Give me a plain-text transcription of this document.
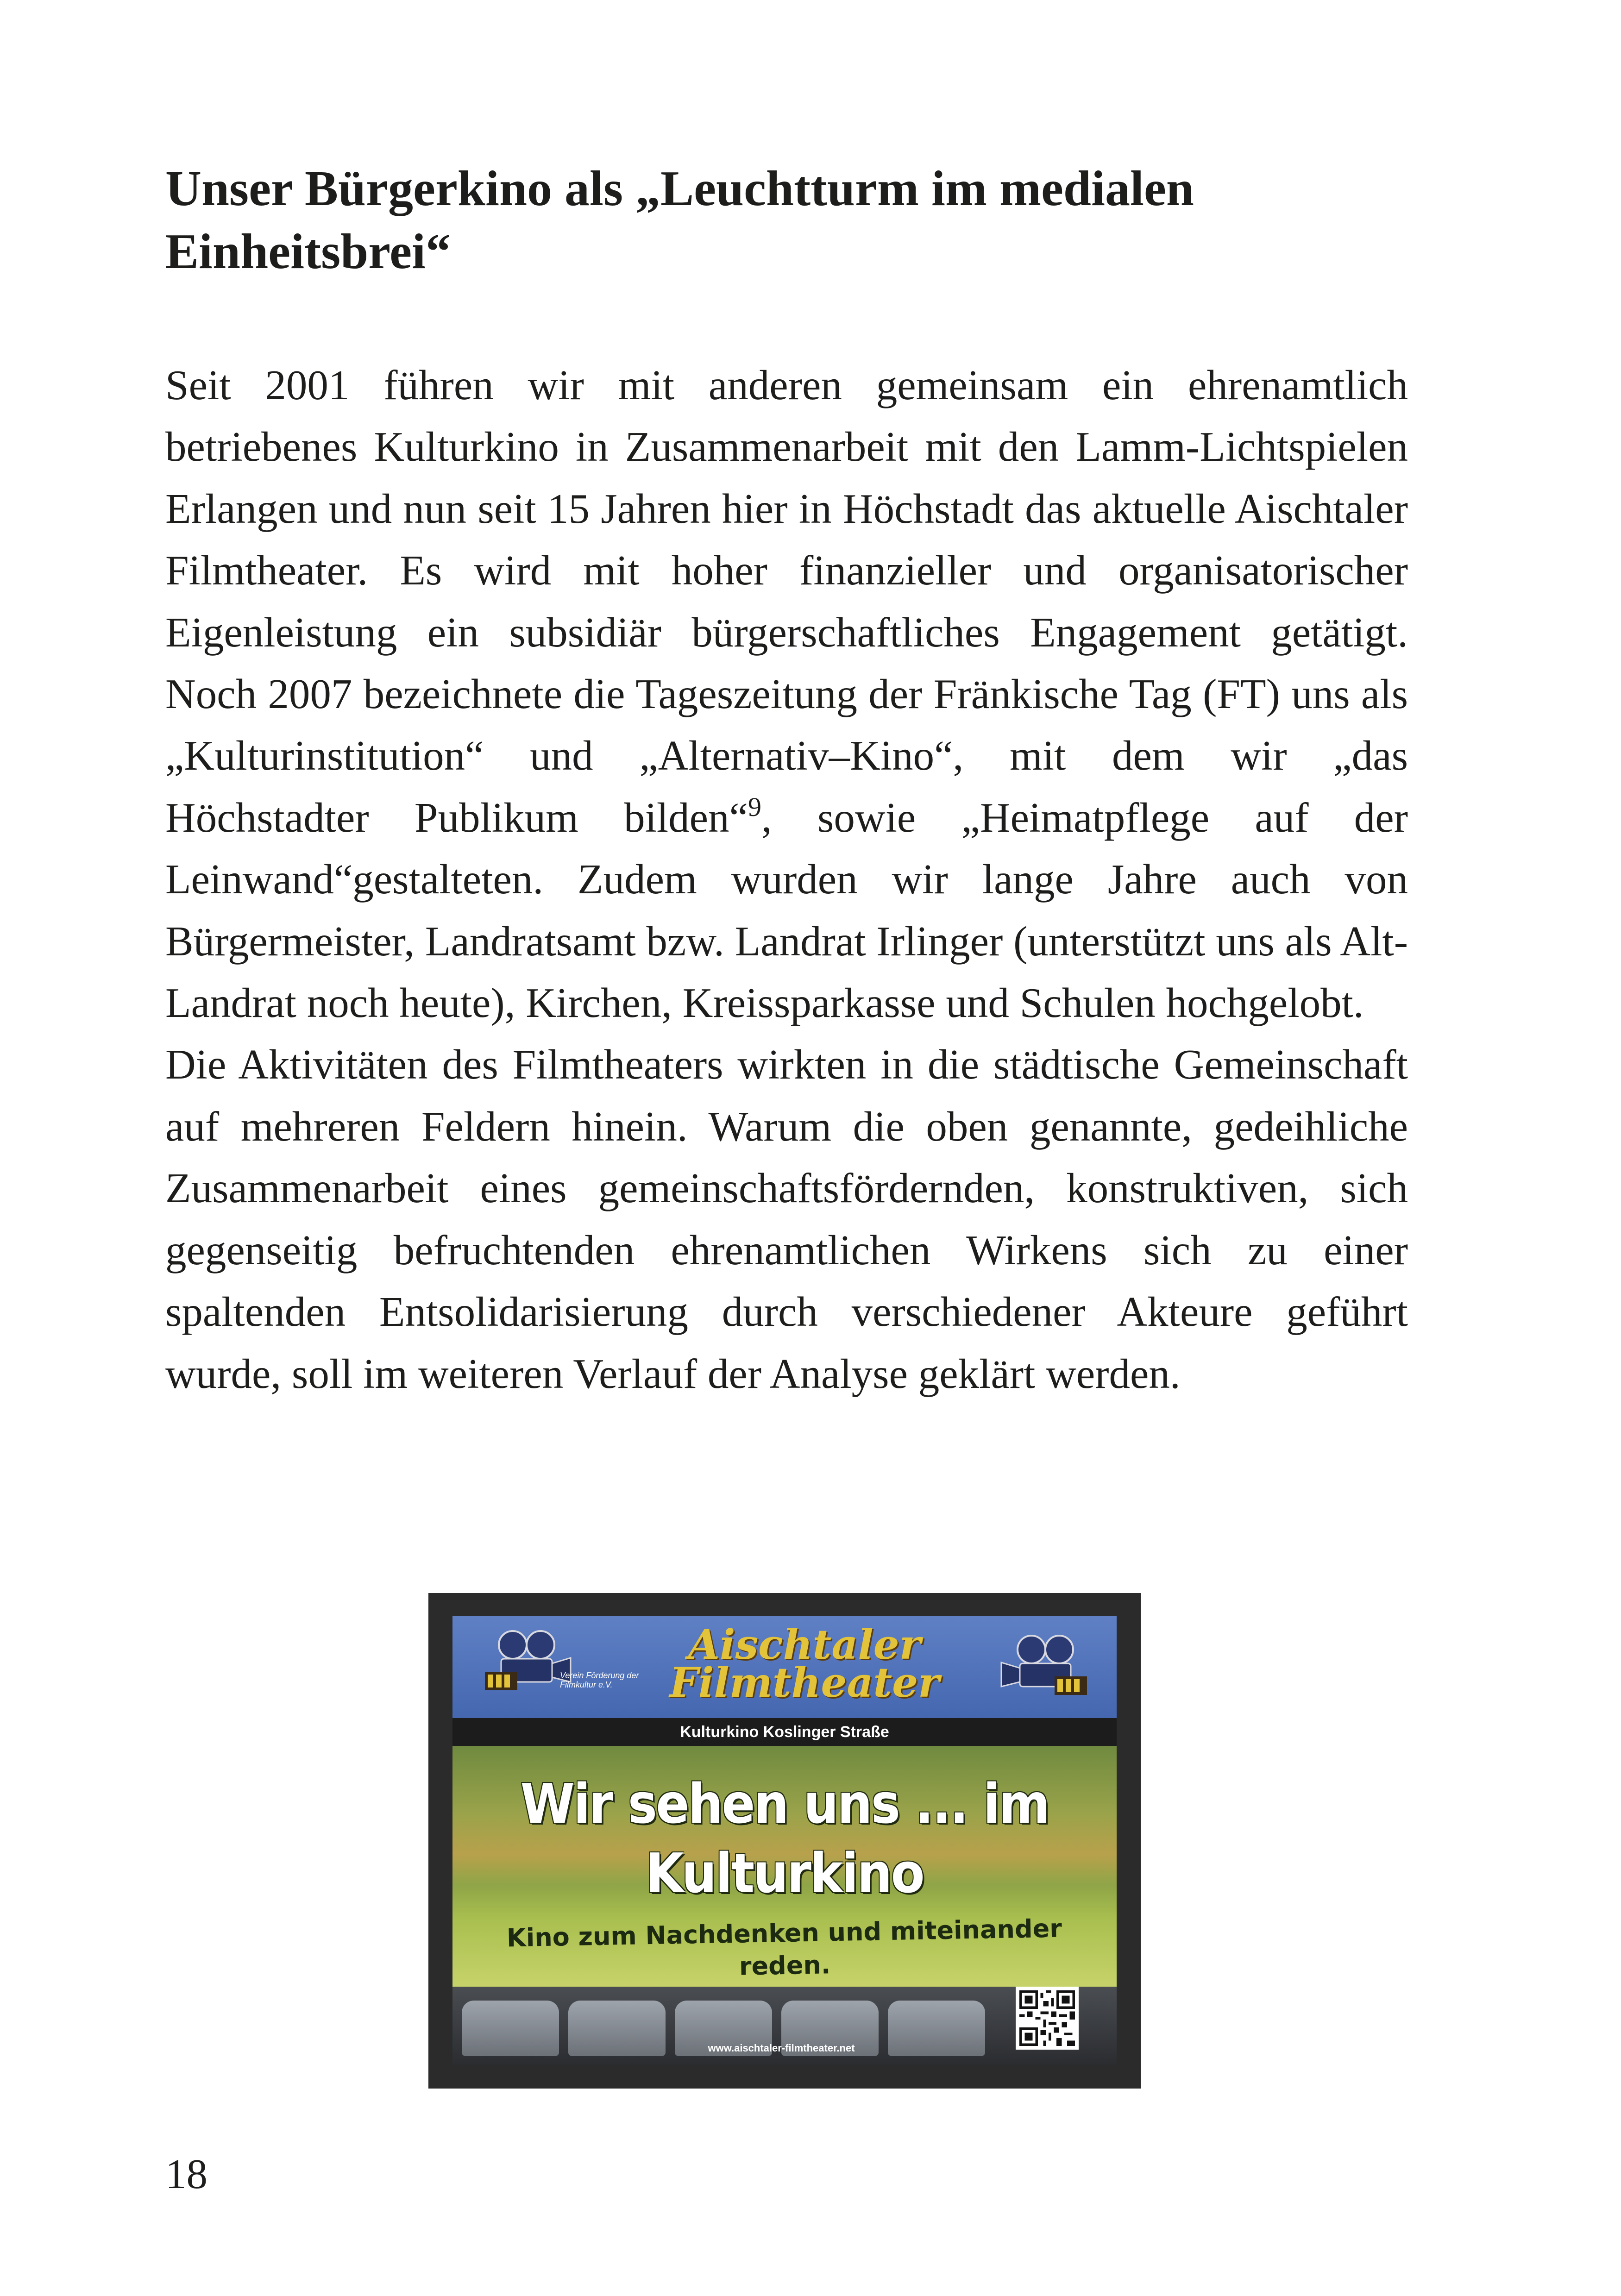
Unser Bürgerkino als „Leuchtturm im medialen
Einheitsbrei“

Seit 2001 führen wir mit anderen gemeinsam ein ehrenamtlich betriebenes Kulturkino in Zusammenarbeit mit den Lamm-Lichtspielen Erlangen und nun seit 15 Jahren hier in Höchstadt das aktuelle Aischtaler Filmtheater. Es wird mit hoher finanzieller und organisatorischer Eigenleistung ein subsidiär bürgerschaftliches Engagement getätigt. Noch 2007 bezeichnete die Tageszeitung der Fränkische Tag (FT) uns als „Kulturinstitution“ und „Alternativ–Kino“, mit dem wir „das Höchstadter Publikum bilden“$^9$, sowie „Heimatpflege auf der Leinwand“gestalteten. Zudem wurden wir lange Jahre auch von Bürgermeister, Landratsamt bzw. Landrat Irlinger (unterstützt uns als Alt-Landrat noch heute), Kirchen, Kreissparkasse und Schulen hochgelobt.

Die Aktivitäten des Filmtheaters wirkten in die städtische Gemeinschaft auf mehreren Feldern hinein. Warum die oben genannte, gedeihliche Zusammenarbeit eines gemeinschaftsfördernden, konstruktiven, sich gegenseitig befruchtenden ehrenamtlichen Wirkens sich zu einer spaltenden Entsolidarisierung durch verschiedener Akteure geführt wurde, soll im weiteren Verlauf der Analyse geklärt werden.

Aischtaler
Filmtheater
Verein Förderung der Filmkultur e.V.
Kulturkino Koslinger Straße
Wir sehen uns ... im Kulturkino
Kino zum Nachdenken und miteinander reden.
www.aischtaler-filmtheater.net
18
